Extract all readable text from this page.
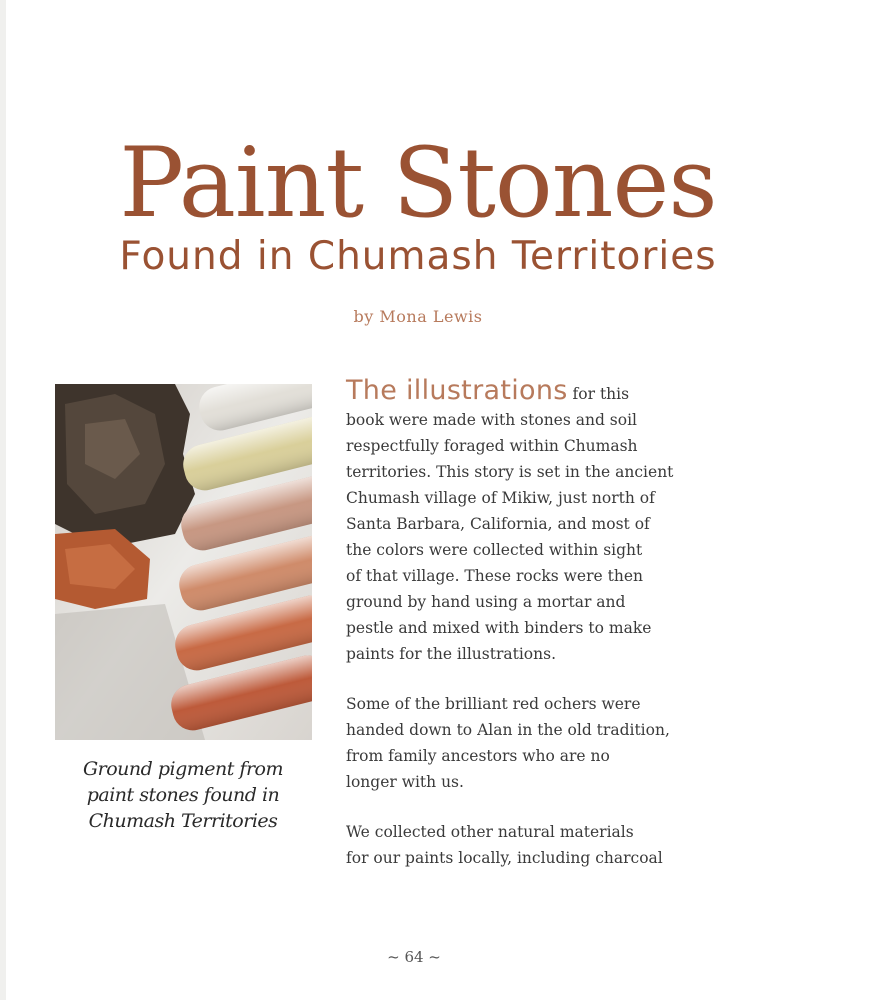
Paint Stones
Found in Chumash Territories
by Mona Lewis
Ground pigment from
paint stones found in
Chumash Territories

The illustrations for this
book were made with stones and soil
respectfully foraged within Chumash
territories. This story is set in the ancient
Chumash village of Mikiw, just north of
Santa Barbara, California, and most of
the colors were collected within sight
of that village. These rocks were then
ground by hand using a mortar and
pestle and mixed with binders to make
paints for the illustrations.

Some of the brilliant red ochers were
handed down to Alan in the old tradition,
from family ancestors who are no
longer with us.

We collected other natural materials
for our paints locally, including charcoal

~ 64 ~
